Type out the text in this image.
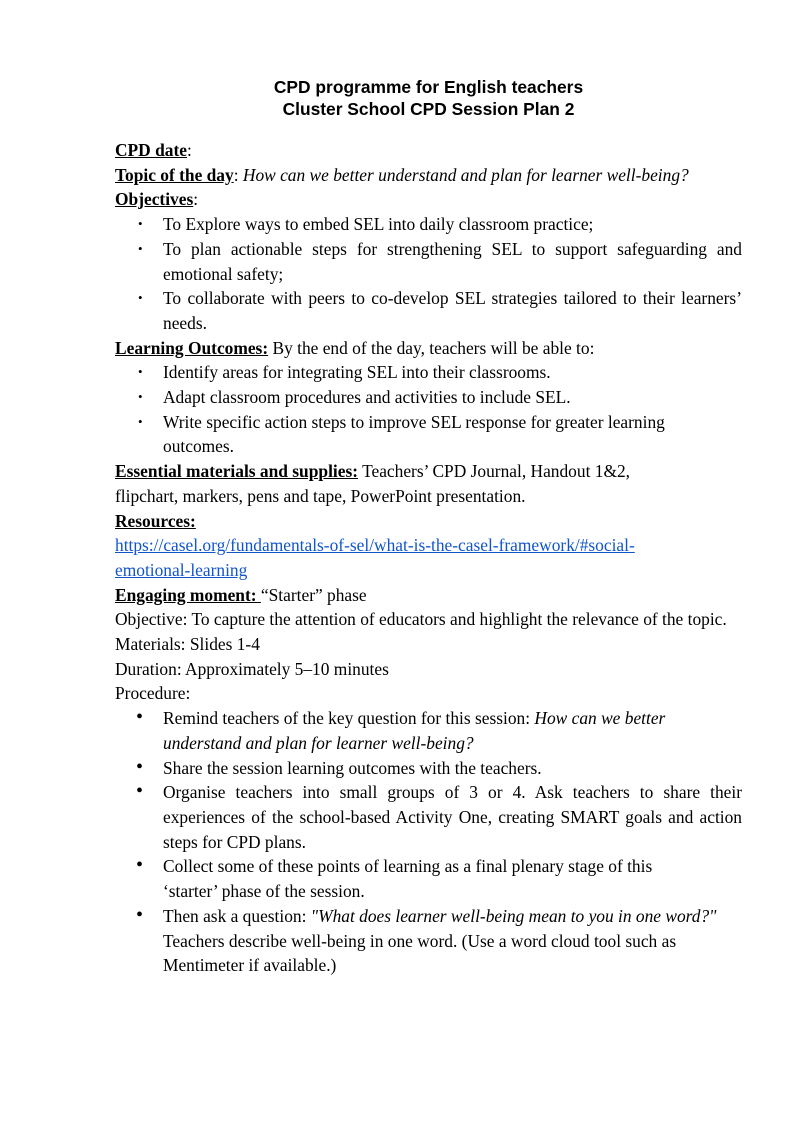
CPD programme for English teachers

Cluster School CPD Session Plan 2

CPD date:

Topic of the day: How can we better understand and plan for learner well-being?

Objectives:

• To Explore ways to embed SEL into daily classroom practice;
• To plan actionable steps for strengthening SEL to support safeguarding and emotional safety;
• To collaborate with peers to co-develop SEL strategies tailored to their learners’ needs.

Learning Outcomes: By the end of the day, teachers will be able to:

• Identify areas for integrating SEL into their classrooms.
• Adapt classroom procedures and activities to include SEL.
• Write specific action steps to improve SEL response for greater learning outcomes.

Essential materials and supplies: Teachers’ CPD Journal, Handout 1&2,

flipchart, markers, pens and tape, PowerPoint presentation.

Resources:

https://casel.org/fundamentals-of-sel/what-is-the-casel-framework/#social-
emotional-learning

Engaging moment: “Starter” phase

Objective: To capture the attention of educators and highlight the relevance of the topic.

Materials: Slides 1-4

Duration: Approximately 5–10 minutes

Procedure:

• Remind teachers of the key question for this session: How can we better understand and plan for learner well-being?
• Share the session learning outcomes with the teachers.
• Organise teachers into small groups of 3 or 4. Ask teachers to share their experiences of the school-based Activity One, creating SMART goals and action steps for CPD plans.
• Collect some of these points of learning as a final plenary stage of this ‘starter’ phase of the session.
• Then ask a question: "What does learner well-being mean to you in one word?"  Teachers describe well-being in one word. (Use a word cloud tool such as Mentimeter if available.)
